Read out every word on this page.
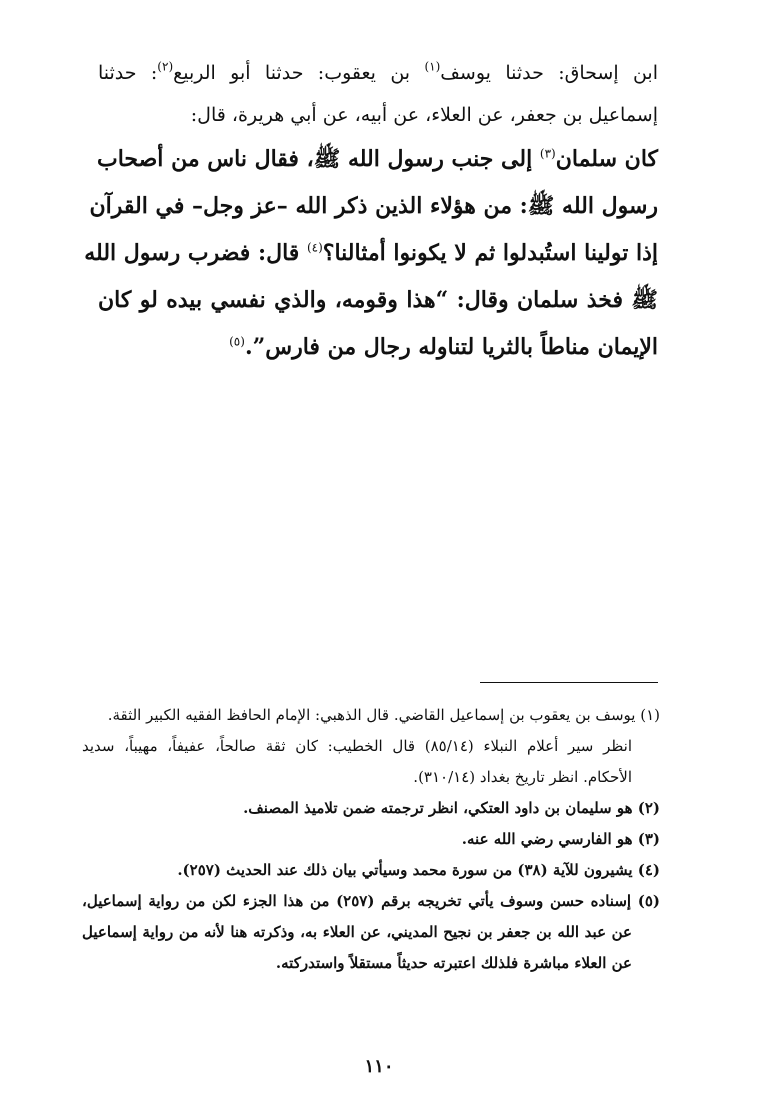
ابن إسحاق: حدثنا يوسف$^{(١)}$ بن يعقوب: حدثنا أبو الربيع$^{(٢)}$: حدثنا
إسماعيل بن جعفر، عن العلاء، عن أبيه، عن أبي هريرة، قال:
كان سلمان$^{(٣)}$ إلى جنب رسول الله ﷺ، فقال ناس من أصحاب
رسول الله ﷺ: من هؤلاء الذين ذكر الله –عز وجل– في القرآن
إذا تولينا استُبدلوا ثم لا يكونوا أمثالنا؟$^{(٤)}$ قال: فضرب رسول الله
ﷺ فخذ سلمان وقال: “هذا وقومه، والذي نفسي بيده لو كان
الإيمان مناطاً بالثريا لتناوله رجال من فارس”.$^{(٥)}$
(١) يوسف بن يعقوب بن إسماعيل القاضي. قال الذهبي: الإمام الحافظ الفقيه الكبير الثقة.
انظر سير أعلام النبلاء (٨٥/١٤) قال الخطيب: كان ثقة صالحاً، عفيفاً، مهيباً، سديد
الأحكام. انظر تاريخ بغداد (٣١٠/١٤).
(٢) هو سليمان بن داود العتكي، انظر ترجمته ضمن تلاميذ المصنف.
(٣) هو الفارسي رضي الله عنه.
(٤) يشيرون للآية (٣٨) من سورة محمد وسيأتي بيان ذلك عند الحديث (٢٥٧).
(٥) إسناده حسن وسوف يأتي تخريجه برقم (٢٥٧) من هذا الجزء لكن من رواية إسماعيل،
عن عبد الله بن جعفر بن نجيح المديني، عن العلاء به، وذكرته هنا لأنه من رواية إسماعيل
عن العلاء مباشرة فلذلك اعتبرته حديثاً مستقلاً واستدركته.
١١٠
